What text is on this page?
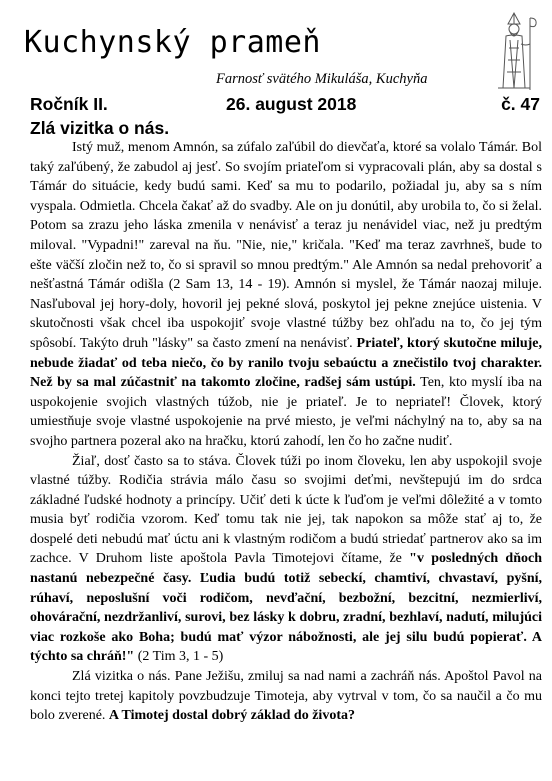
Kuchynský prameň
Farnosť svätého Mikuláša, Kuchyňa
Ročník II.	26. august 2018	č. 47
Zlá vizitka o nás.

Istý muž, menom Amnón, sa zúfalo zaľúbil do dievčaťa, ktoré sa volalo Támár. Bol taký zaľúbený, že zabudol aj jesť. So svojím priateľom si vypracovali plán, aby sa dostal s Támár do situácie, kedy budú sami. Keď sa mu to podarilo, požiadal ju, aby sa s ním vyspala. Odmietla. Chcela čakať až do svadby. Ale on ju donútil, aby urobila to, čo si želal. Potom sa zrazu jeho láska zmenila v nenávisť a teraz ju nenávidel viac, než ju predtým miloval. "Vypadni!" zareval na ňu. "Nie, nie," kričala. "Keď ma teraz zavrhneš, bude to ešte väčší zločin než to, čo si spravil so mnou predtým." Ale Amnón sa nedal prehovoriť a nešťastná Támár odišla (2 Sam 13, 14 - 19). Amnón si myslel, že Támár naozaj miluje. Nasľuboval jej hory-doly, hovoril jej pekné slová, poskytol jej pekne znejúce uistenia. V skutočnosti však chcel iba uspokojiť svoje vlastné túžby bez ohľadu na to, čo jej tým spôsobí. Takýto druh "lásky" sa často zmení na nenávisť. Priateľ, ktorý skutočne miluje, nebude žiadať od teba niečo, čo by ranilo tvoju sebaúctu a znečistilo tvoj charakter. Než by sa mal zúčastniť na takomto zločine, radšej sám ustúpi. Ten, kto myslí iba na uspokojenie svojich vlastných túžob, nie je priateľ. Je to nepriateľ! Človek, ktorý umiestňuje svoje vlastné uspokojenie na prvé miesto, je veľmi náchylný na to, aby sa na svojho partnera pozeral ako na hračku, ktorú zahodí, len čo ho začne nudiť.

Žiaľ, dosť často sa to stáva. Človek túži po inom človeku, len aby uspokojil svoje vlastné túžby. Rodičia strávia málo času so svojimi deťmi, nevštepujú im do srdca základné ľudské hodnoty a princípy. Učiť deti k úcte k ľuďom je veľmi dôležité a v tomto musia byť rodičia vzorom. Keď tomu tak nie jej, tak napokon sa môže stať aj to, že dospelé deti nebudú mať úctu ani k vlastným rodičom a budú striedať partnerov ako sa im zachce. V Druhom liste apoštola Pavla Timotejovi čítame, že "v posledných dňoch nastanú nebezpečné časy. Ľudia budú totiž sebeckí, chamtiví, chvastaví, pyšní, rúhaví, neposlušní voči rodičom, nevďační, bezbožní, bezcitní, nezmierliví, ohovárační, nezdržanliví, surovi, bez lásky k dobru, zradní, bezhlaví, nadutí, milujúci viac rozkoše ako Boha; budú mať výzor nábožnosti, ale jej silu budú popierať. A týchto sa chráň!" (2 Tim 3, 1 - 5)

Zlá vizitka o nás. Pane Ježišu, zmiluj sa nad nami a zachráň nás. Apoštol Pavol na konci tejto tretej kapitoly povzbudzuje Timoteja, aby vytrval v tom, čo sa naučil a čo mu bolo zverené. A Timotej dostal dobrý základ do života?
